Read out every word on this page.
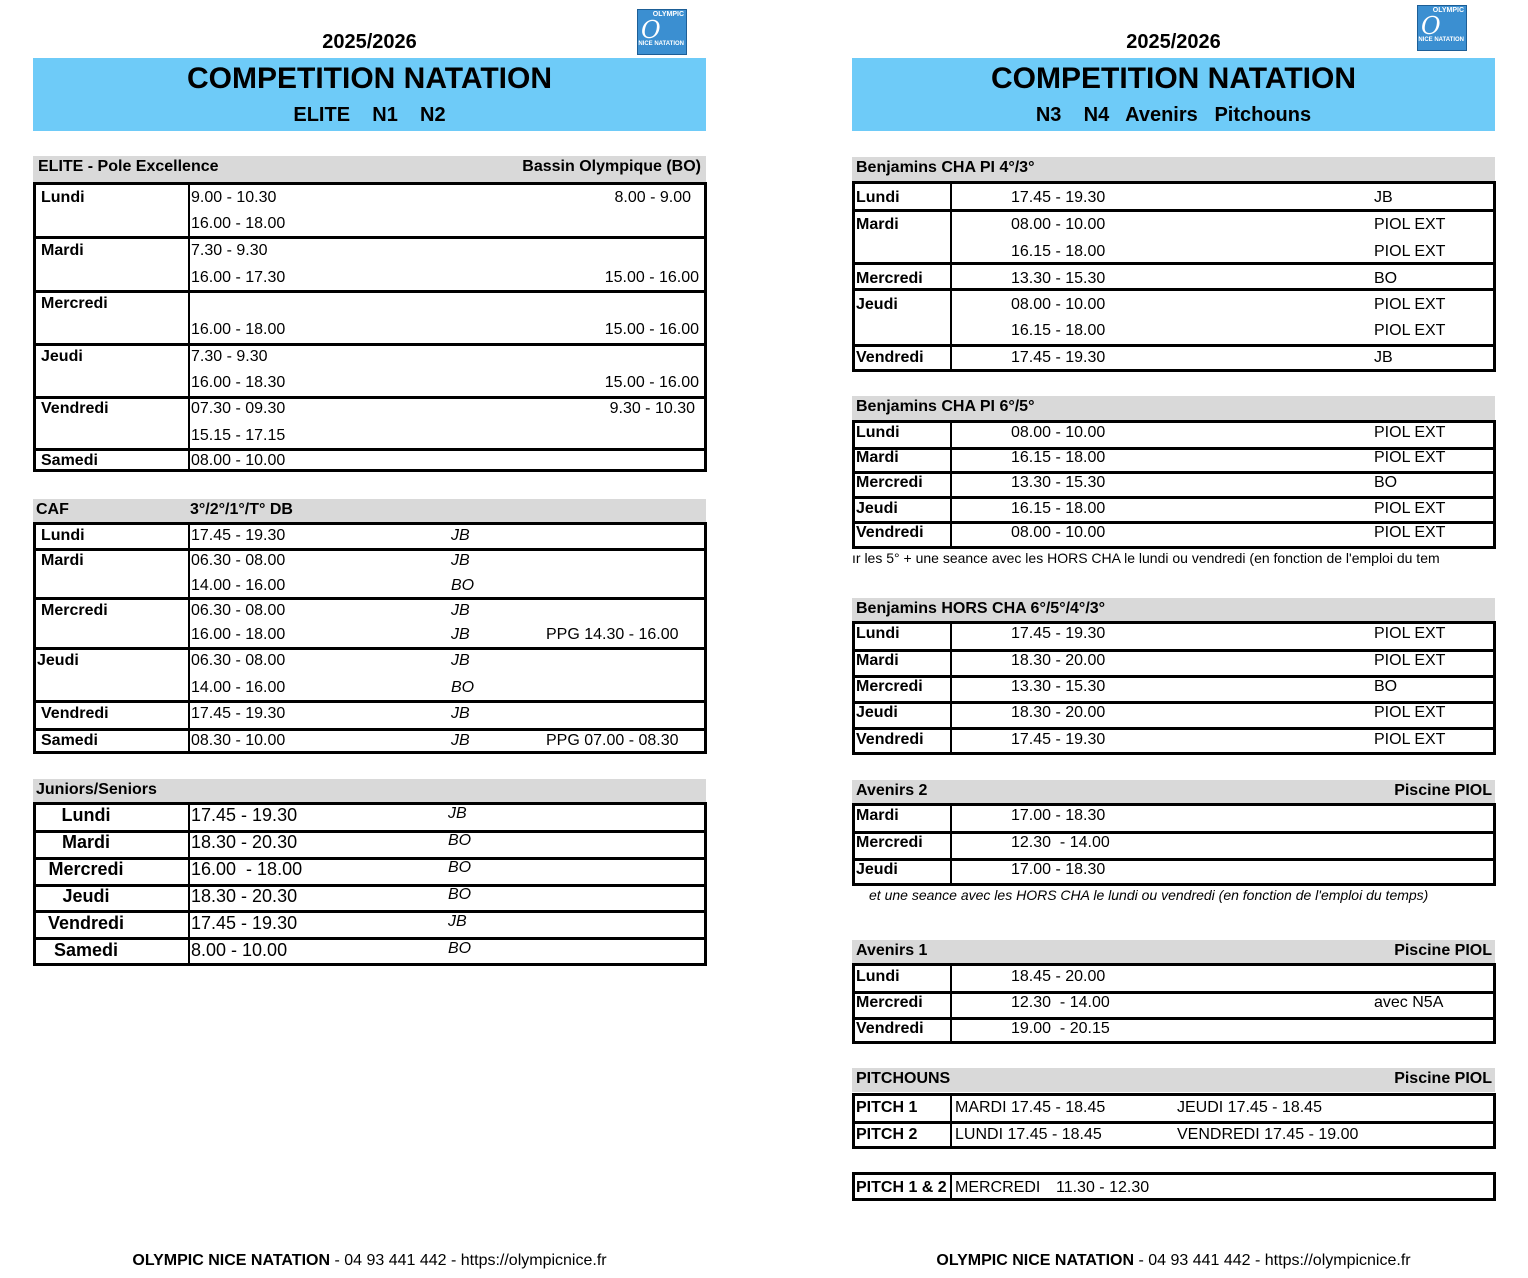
OLYMPIC
O
NICE NATATION
2025/2026
COMPETITION NATATION
ELITE    N1    N2
OLYMPIC
O
NICE NATATION
2025/2026
COMPETITION NATATION
N3    N4   Avenirs   Pitchouns
ELITE - Pole Excellence	Bassin Olympique (BO)
Lundi	9.00 - 10.30	8.00 - 9.00
16.00 - 18.00
Mardi	7.30 - 9.30
16.00 - 17.30	15.00 - 16.00
Mercredi
16.00 - 18.00	15.00 - 16.00
Jeudi	7.30 - 9.30
16.00 - 18.30	15.00 - 16.00
Vendredi	07.30 - 09.30	9.30 - 10.30
15.15 - 17.15
Samedi	08.00 - 10.00
CAF	3°/2°/1°/T° DB
Lundi	17.45 - 19.30	JB
Mardi	06.30 - 08.00	JB
14.00 - 16.00	BO
Mercredi	06.30 - 08.00	JB
16.00 - 18.00	JB	PPG 14.30 - 16.00
Jeudi	06.30 - 08.00	JB
14.00 - 16.00	BO
Vendredi	17.45 - 19.30	JB
Samedi	08.30 - 10.00	JB	PPG 07.00 - 08.30
Juniors/Seniors
Lundi	17.45 - 19.30	JB
Mardi	18.30 - 20.30	BO
Mercredi	16.00  - 18.00	BO
Jeudi	18.30 - 20.30	BO
Vendredi	17.45 - 19.30	JB
Samedi	8.00 - 10.00	BO
Benjamins CHA PI 4°/3°
Lundi	17.45 - 19.30	JB
Mardi	08.00 - 10.00	PIOL EXT
16.15 - 18.00	PIOL EXT
Mercredi	13.30 - 15.30	BO
Jeudi	08.00 - 10.00	PIOL EXT
16.15 - 18.00	PIOL EXT
Vendredi	17.45 - 19.30	JB
Benjamins CHA PI 6°/5°
Lundi	08.00 - 10.00	PIOL EXT
Mardi	16.15 - 18.00	PIOL EXT
Mercredi	13.30 - 15.30	BO
Jeudi	16.15 - 18.00	PIOL EXT
Vendredi	08.00 - 10.00	PIOL EXT
ır les 5° + une seance avec les HORS CHA le lundi ou vendredi (en fonction de l'emploi du tem
Benjamins HORS CHA 6°/5°/4°/3°
Lundi	17.45 - 19.30	PIOL EXT
Mardi	18.30 - 20.00	PIOL EXT
Mercredi	13.30 - 15.30	BO
Jeudi	18.30 - 20.00	PIOL EXT
Vendredi	17.45 - 19.30	PIOL EXT
Avenirs 2	Piscine PIOL
Mardi	17.00 - 18.30
Mercredi	12.30  - 14.00
Jeudi	17.00 - 18.30
et une seance avec les HORS CHA le lundi ou vendredi (en fonction de l'emploi du temps)
Avenirs 1	Piscine PIOL
Lundi	18.45 - 20.00
Mercredi	12.30  - 14.00	avec N5A
Vendredi	19.00  - 20.15
PITCHOUNS	Piscine PIOL
PITCH 1 MARDI 17.45 - 18.45	JEUDI 17.45 - 18.45
PITCH 2 LUNDI 17.45 - 18.45	VENDREDI 17.45 - 19.00
PITCH 1 & 2 MERCREDI 11.30 - 12.30
OLYMPIC NICE NATATION - 04 93 441 442 - https://olympicnice.fr	OLYMPIC NICE NATATION - 04 93 441 442 - https://olympicnice.fr
